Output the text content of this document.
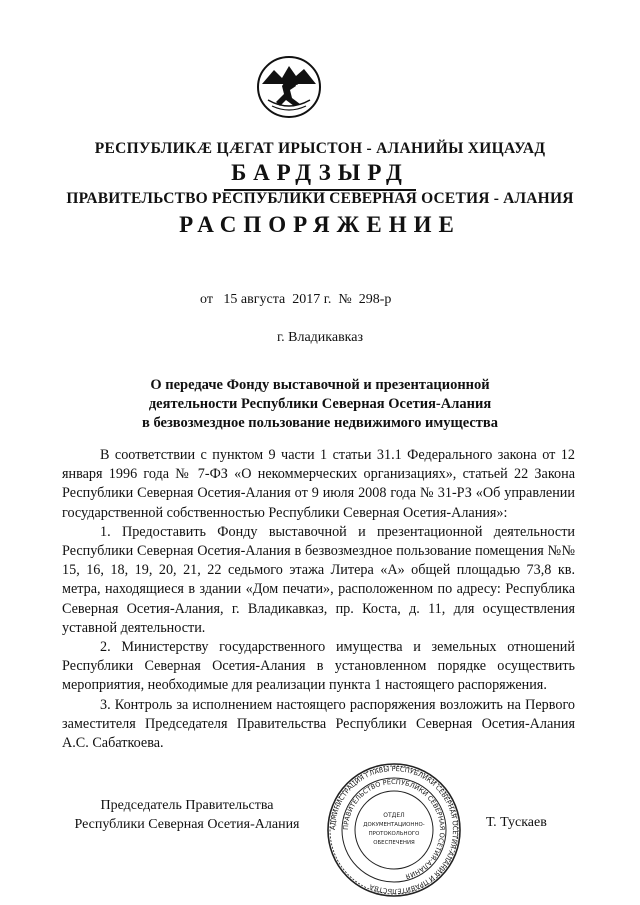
РЕСПУБЛИКӔ ЦӔГАТ ИРЫСТОН - АЛАНИЙЫ ХИЦАУАД
БАРДЗЫРД
ПРАВИТЕЛЬСТВО РЕСПУБЛИКИ СЕВЕРНАЯ ОСЕТИЯ - АЛАНИЯ
РАСПОРЯЖЕНИЕ
от   15 августа  2017 г.  №  298-р
г. Владикавказ
О передаче Фонду выставочной и презентационной
деятельности Республики Северная Осетия-Алания
в безвозмездное пользование недвижимого имущества

В соответствии с пунктом 9 части 1 статьи 31.1 Федерального закона от 12 января 1996 года № 7-ФЗ «О некоммерческих организациях», статьей 22 Закона Республики Северная Осетия-Алания от 9 июля 2008 года № 31-РЗ «Об управлении государственной собственностью Республики Северная Осетия-Алания»:

1. Предоставить Фонду выставочной и презентационной деятельности Республики Северная Осетия-Алания в безвозмездное пользование помещения №№ 15, 16, 18, 19, 20, 21, 22 седьмого этажа Литера «А» общей площадью 73,8 кв. метра, находящиеся в здании «Дом печати», расположенном по адресу: Республика Северная Осетия-Алания, г. Владикавказ, пр. Коста, д. 11, для осуществления уставной деятельности.

2. Министерству государственного имущества и земельных отношений Республики Северная Осетия-Алания в установленном порядке осуществить мероприятия, необходимые для реализации пункта 1 настоящего распоряжения.

3. Контроль за исполнением настоящего распоряжения возложить на Первого заместителя Председателя Правительства Республики Северная Осетия-Алания А.С. Сабаткоева.

Председатель Правительства
Республики Северная Осетия-Алания	АДМИНИСТРАЦИЯ ГЛАВЫ РЕСПУБЛИКИ СЕВЕРНАЯ ОСЕТИЯ-АЛАНИЯ И ПРАВИТЕЛЬСТВА
ПРАВИТЕЛЬСТВО РЕСПУБЛИКИ СЕВЕРНАЯ ОСЕТИЯ-АЛАНИЯ
ОТДЕЛ
ДОКУМЕНТАЦИОННО-
ПРОТОКОЛЬНОГО
ОБЕСПЕЧЕНИЯ
Т. Тускаев
